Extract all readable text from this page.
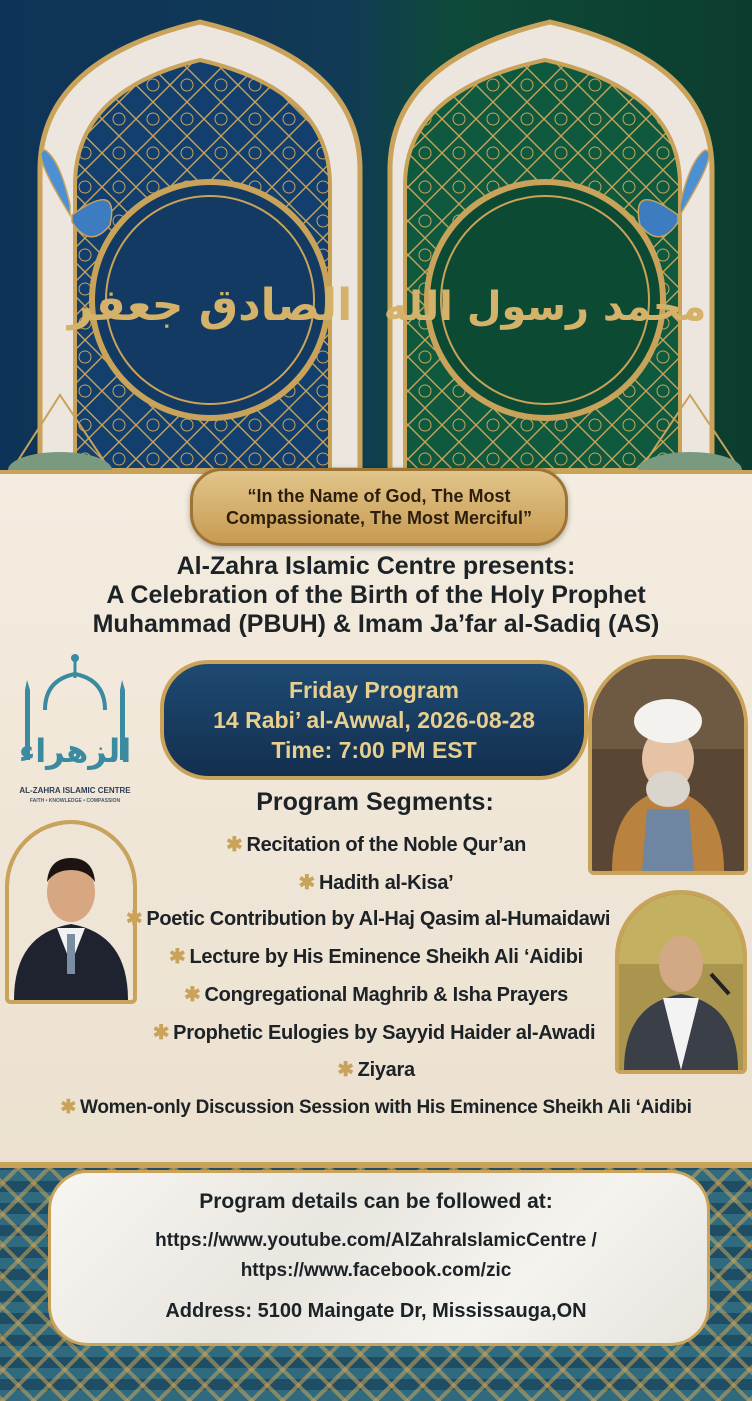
الصادق جعفر محمد رسول الله
“In the Name of God, The Most
Compassionate, The Most Merciful”
Al-Zahra Islamic Centre presents:
A Celebration of the Birth of the Holy Prophet
Muhammad (PBUH) & Imam Ja’far al-Sadiq (AS)
الزهراء
AL-ZAHRA ISLAMIC CENTRE
FAITH • KNOWLEDGE • COMPASSION
Friday Program
14 Rabi’ al-Awwal, 2026-08-28
Time: 7:00 PM EST
Program Segments:
✱ Recitation of the Noble Qur’an
✱ Hadith al-Kisa’
✱ Poetic Contribution by Al-Haj Qasim al-Humaidawi
✱ Lecture by His Eminence Sheikh Ali ‘Aidibi
✱ Congregational Maghrib & Isha Prayers
✱ Prophetic Eulogies by Sayyid Haider al-Awadi
✱ Ziyara
✱ Women-only Discussion Session with His Eminence Sheikh Ali ‘Aidibi
Program details can be followed at:
https://www.youtube.com/AlZahraIslamicCentre /
https://www.facebook.com/zic
Address: 5100 Maingate Dr, Mississauga,ON
